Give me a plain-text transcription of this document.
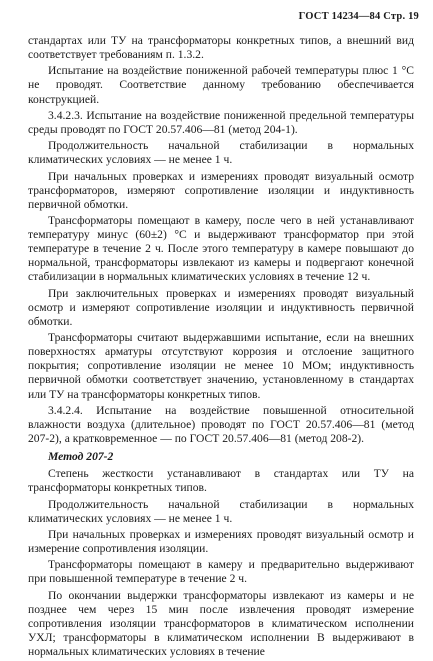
ГОСТ 14234—84 Стр. 19

стандартах или ТУ на трансформаторы конкретных типов, а внешний вид соответствует требованиям п. 1.3.2.

Испытание на воздействие пониженной рабочей температуры плюс 1 °С не проводят. Соответствие данному требованию обеспечивается конструкцией.

3.4.2.3. Испытание на воздействие пониженной предельной температуры среды проводят по ГОСТ 20.57.406—81 (метод 204-1).

Продолжительность начальной стабилизации в нормальных климатических условиях — не менее 1 ч.

При начальных проверках и измерениях проводят визуальный осмотр трансформаторов, измеряют сопротивление изоляции и индуктивность первичной обмотки.

Трансформаторы помещают в камеру, после чего в ней устанавливают температуру минус (60±2) °С и выдерживают трансформатор при этой температуре в течение 2 ч. После этого температуру в камере повышают до нормальной, трансформаторы извлекают из камеры и подвергают конечной стабилизации в нормальных климатических условиях в течение 12 ч.

При заключительных проверках и измерениях проводят визуальный осмотр и измеряют сопротивление изоляции и индуктивность первичной обмотки.

Трансформаторы считают выдержавшими испытание, если на внешних поверхностях арматуры отсутствуют коррозия и отслоение защитного покрытия; сопротивление изоляции не менее 10 МОм; индуктивность первичной обмотки соответствует значению, установленному в стандартах или ТУ на трансформаторы конкретных типов.

3.4.2.4. Испытание на воздействие повышенной относительной влажности воздуха (длительное) проводят по ГОСТ 20.57.406—81 (метод 207-2), а кратковременное — по ГОСТ 20.57.406—81 (метод 208-2).

Метод 207-2

Степень жесткости устанавливают в стандартах или ТУ на трансформаторы конкретных типов.

Продолжительность начальной стабилизации в нормальных климатических условиях — не менее 1 ч.

При начальных проверках и измерениях проводят визуальный осмотр и измерение сопротивления изоляции.

Трансформаторы помещают в камеру и предварительно выдерживают при повышенной температуре в течение 2 ч.

По окончании выдержки трансформаторы извлекают из камеры и не позднее чем через 15 мин после извлечения проводят измерение сопротивления изоляции трансформаторов в климатическом исполнении УХЛ; трансформаторы в климатическом исполнении В выдерживают в нормальных климатических условиях в течение
